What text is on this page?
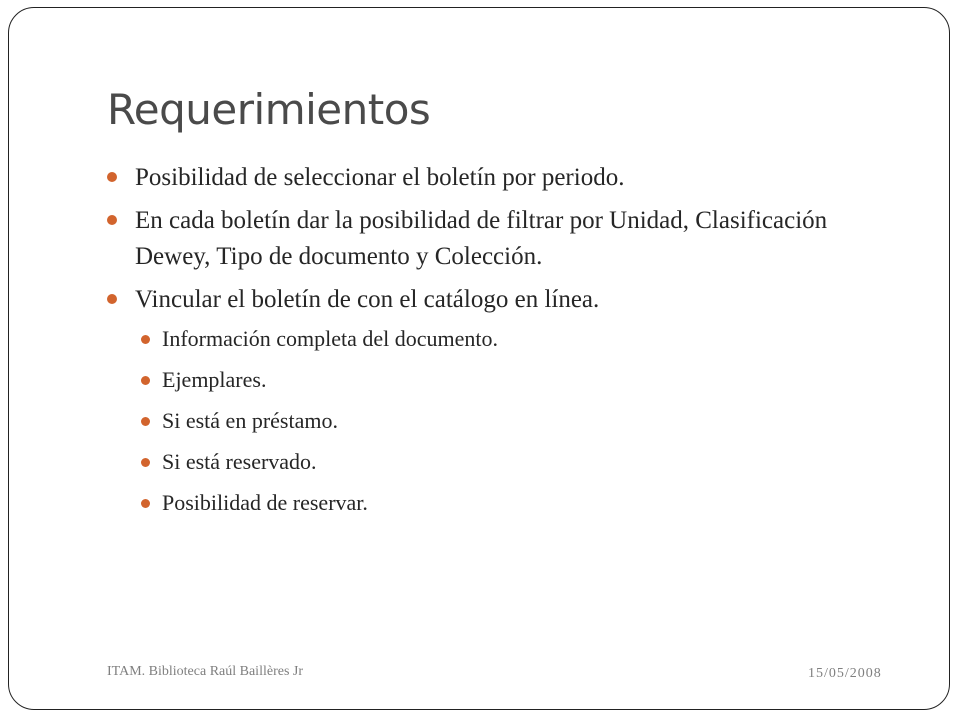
Requerimientos
Posibilidad de seleccionar el boletín por periodo.
En cada boletín dar la posibilidad de filtrar por Unidad, Clasificación Dewey, Tipo de documento y Colección.
Vincular el boletín de con el catálogo en línea.
Información completa del documento.
Ejemplares.
Si está en préstamo.
Si está reservado.
Posibilidad de reservar.
ITAM. Biblioteca Raúl Baillères Jr	15/05/2008
